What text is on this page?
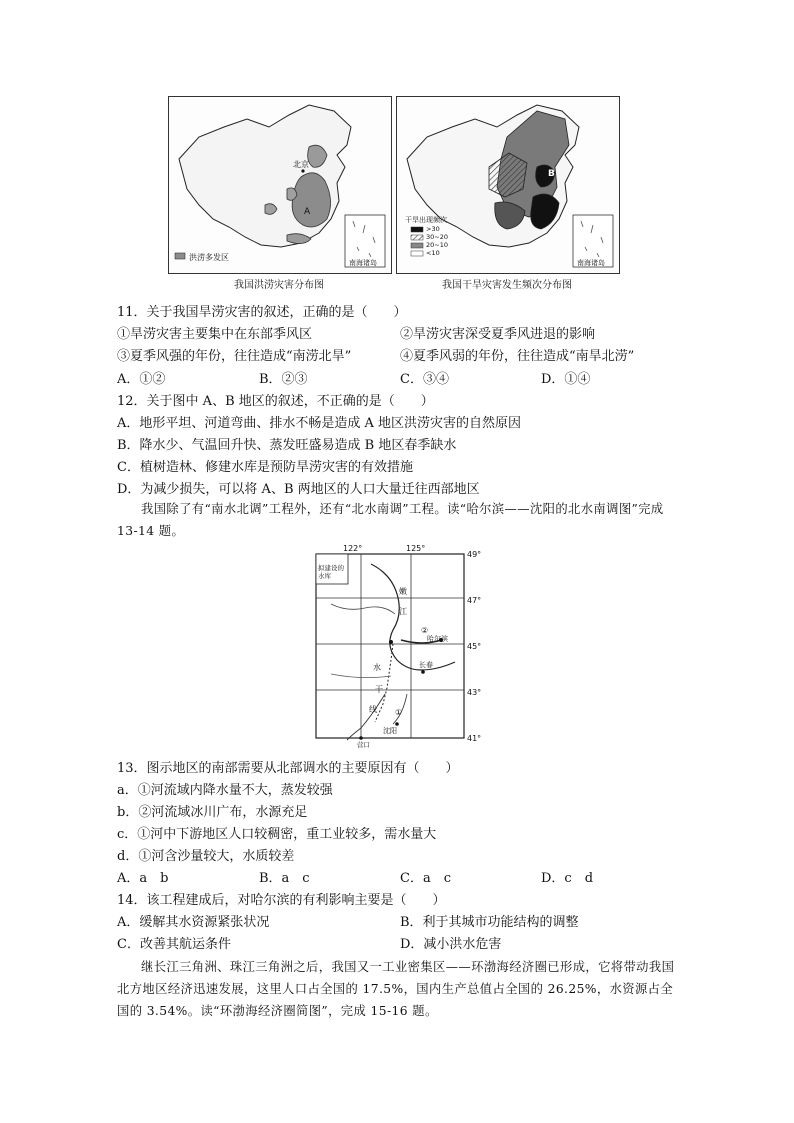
北京
A
洪涝多发区
南海诸岛
我国洪涝灾害分布图
B
干旱出现频次
>30
30~20
20~10
<10
南海诸岛
我国干旱灾害发生频次分布图
11．关于我国旱涝灾害的叙述，正确的是（　　）
①旱涝灾害主要集中在东部季风区	②旱涝灾害深受夏季风进退的影响
③夏季风强的年份，往往造成“南涝北旱”	④夏季风弱的年份，往往造成“南旱北涝”
A．①②	B．②③	C．③④	D．①④
12．关于图中 A、B 地区的叙述，不正确的是（　　）
A．地形平坦、河道弯曲、排水不畅是造成 A 地区洪涝灾害的自然原因
B．降水少、气温回升快、蒸发旺盛易造成 B 地区春季缺水
C．植树造林、修建水库是预防旱涝灾害的有效措施
D．为减少损失，可以将 A、B 两地区的人口大量迁往西部地区
我国除了有“南水北调”工程外，还有“北水南调”工程。读“哈尔滨——沈阳的北水南调图”完成 13-14 题。
122°	125°
49°
47°
45°
43°
41°
拟建设的水库
嫩
江
②
哈尔滨
水
干
线 ①
长春
沈阳
营口
13．图示地区的南部需要从北部调水的主要原因有（　　）
a．①河流域内降水量不大，蒸发较强
b．②河流域冰川广布，水源充足
c．①河中下游地区人口较稠密，重工业较多，需水量大
d．①河含沙量较大，水质较差
A．a　b	B．a　c	C．a　c	D．c　d
14．该工程建成后，对哈尔滨的有利影响主要是（　　）
A．缓解其水资源紧张状况	B．利于其城市功能结构的调整
C．改善其航运条件	D．减小洪水危害
继长江三角洲、珠江三角洲之后，我国又一工业密集区——环渤海经济圈已形成，它将带动我国北方地区经济迅速发展，这里人口占全国的 17.5%，国内生产总值占全国的 26.25%，水资源占全国的 3.54%。读“环渤海经济圈简图”，完成 15-16 题。
